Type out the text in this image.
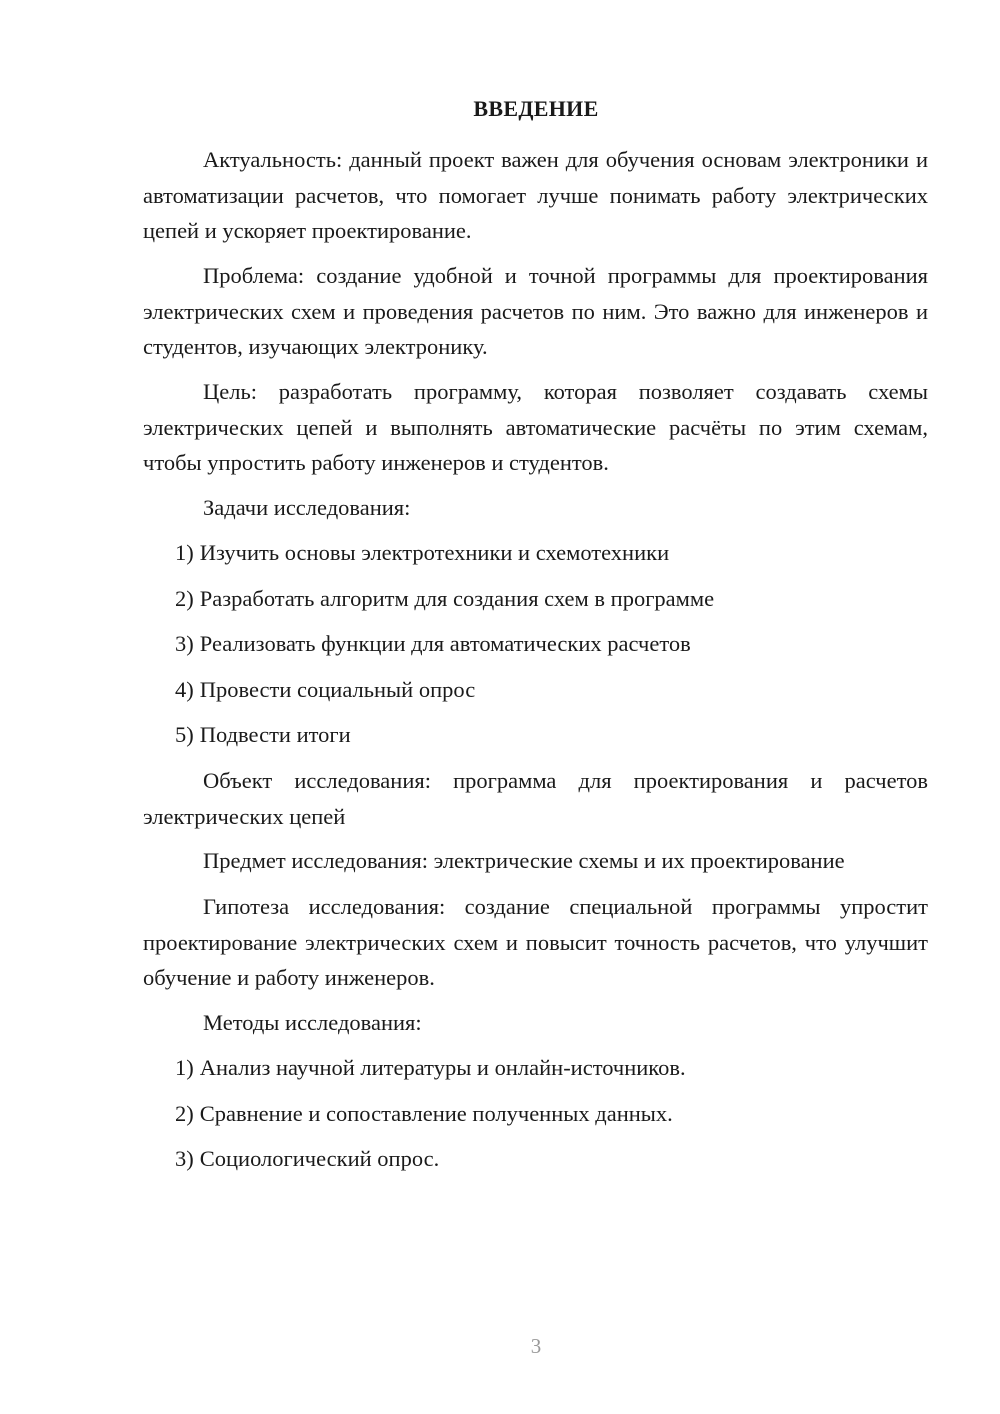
ВВЕДЕНИЕ
Актуальность: данный проект важен для обучения основам электроники и автоматизации расчетов, что помогает лучше понимать работу электрических цепей и ускоряет проектирование.
Проблема: создание удобной и точной программы для проектирования электрических схем и проведения расчетов по ним. Это важно для инженеров и студентов, изучающих электронику.
Цель: разработать программу, которая позволяет создавать схемы электрических цепей и выполнять автоматические расчёты по этим схемам, чтобы упростить работу инженеров и студентов.
Задачи исследования:
1) Изучить основы электротехники и схемотехники
2) Разработать алгоритм для создания схем в программе
3) Реализовать функции для автоматических расчетов
4) Провести социальный опрос
5) Подвести итоги
Объект исследования: программа для проектирования и расчетов электрических цепей
Предмет исследования: электрические схемы и их проектирование
Гипотеза исследования: создание специальной программы упростит проектирование электрических схем и повысит точность расчетов, что улучшит обучение и работу инженеров.
Методы исследования:
1) Анализ научной литературы и онлайн-источников.
2) Сравнение и сопоставление полученных данных.
3) Социологический опрос.
3
